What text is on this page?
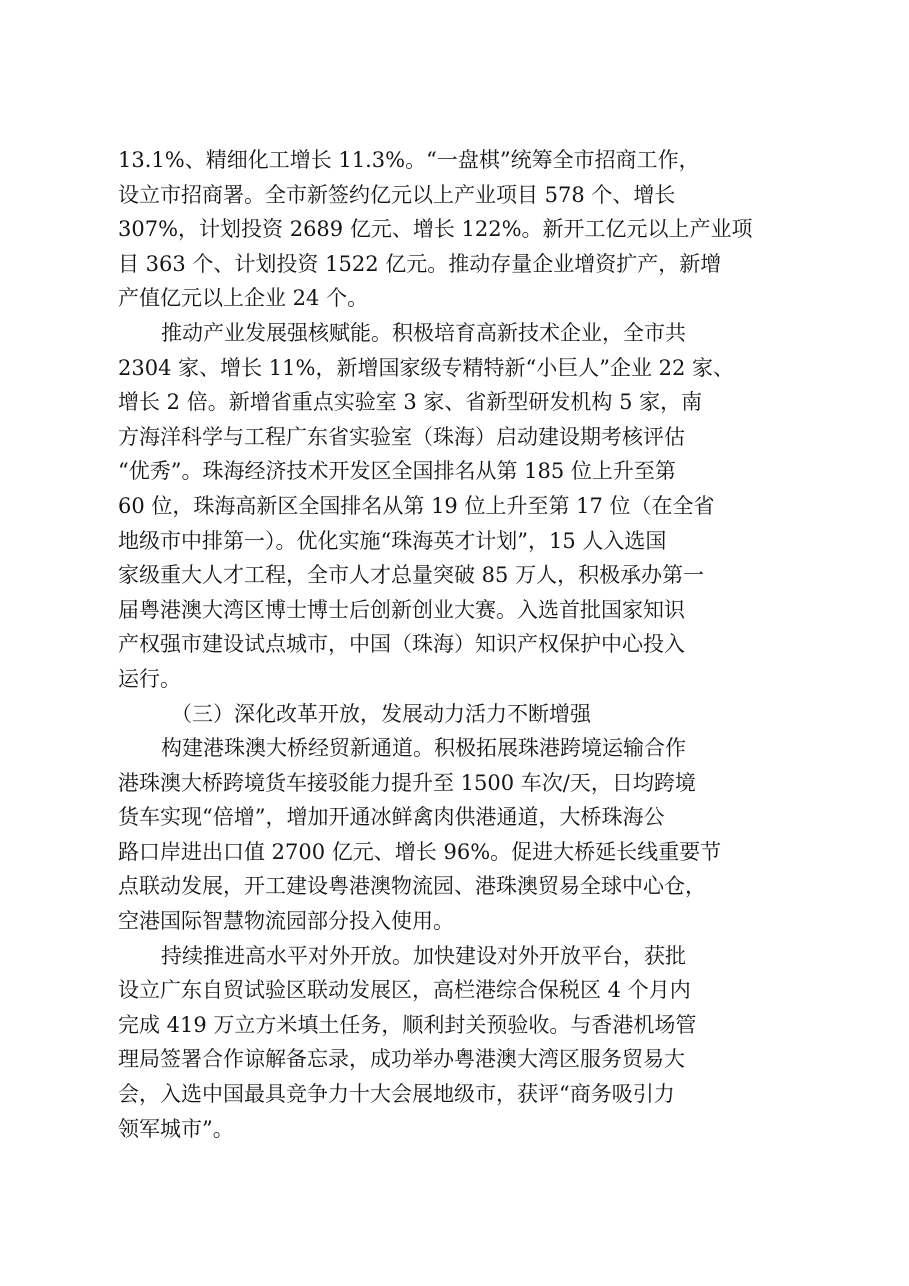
13.1%、精细化工增长 11.3%。“一盘棋”统筹全市招商工作，
设立市招商署。全市新签约亿元以上产业项目 578 个、增长
307%，计划投资 2689 亿元、增长 122%。新开工亿元以上产业项
目 363 个、计划投资 1522 亿元。推动存量企业增资扩产，新增
产值亿元以上企业 24 个。
推动产业发展强核赋能。积极培育高新技术企业，全市共
2304 家、增长 11%，新增国家级专精特新“小巨人”企业 22 家、
增长 2 倍。新增省重点实验室 3 家、省新型研发机构 5 家，南
方海洋科学与工程广东省实验室（珠海）启动建设期考核评估
“优秀”。珠海经济技术开发区全国排名从第 185 位上升至第
60 位，珠海高新区全国排名从第 19 位上升至第 17 位（在全省
地级市中排第一）。优化实施“珠海英才计划”，15 人入选国
家级重大人才工程，全市人才总量突破 85 万人，积极承办第一
届粤港澳大湾区博士博士后创新创业大赛。入选首批国家知识
产权强市建设试点城市，中国（珠海）知识产权保护中心投入
运行。
（三）深化改革开放，发展动力活力不断增强
构建港珠澳大桥经贸新通道。积极拓展珠港跨境运输合作
港珠澳大桥跨境货车接驳能力提升至 1500 车次/天，日均跨境
货车实现“倍增”，增加开通冰鲜禽肉供港通道，大桥珠海公
路口岸进出口值 2700 亿元、增长 96%。促进大桥延长线重要节
点联动发展，开工建设粤港澳物流园、港珠澳贸易全球中心仓，
空港国际智慧物流园部分投入使用。
持续推进高水平对外开放。加快建设对外开放平台，获批
设立广东自贸试验区联动发展区，高栏港综合保税区 4 个月内
完成 419 万立方米填土任务，顺利封关预验收。与香港机场管
理局签署合作谅解备忘录，成功举办粤港澳大湾区服务贸易大
会，入选中国最具竞争力十大会展地级市，获评“商务吸引力
领军城市”。
